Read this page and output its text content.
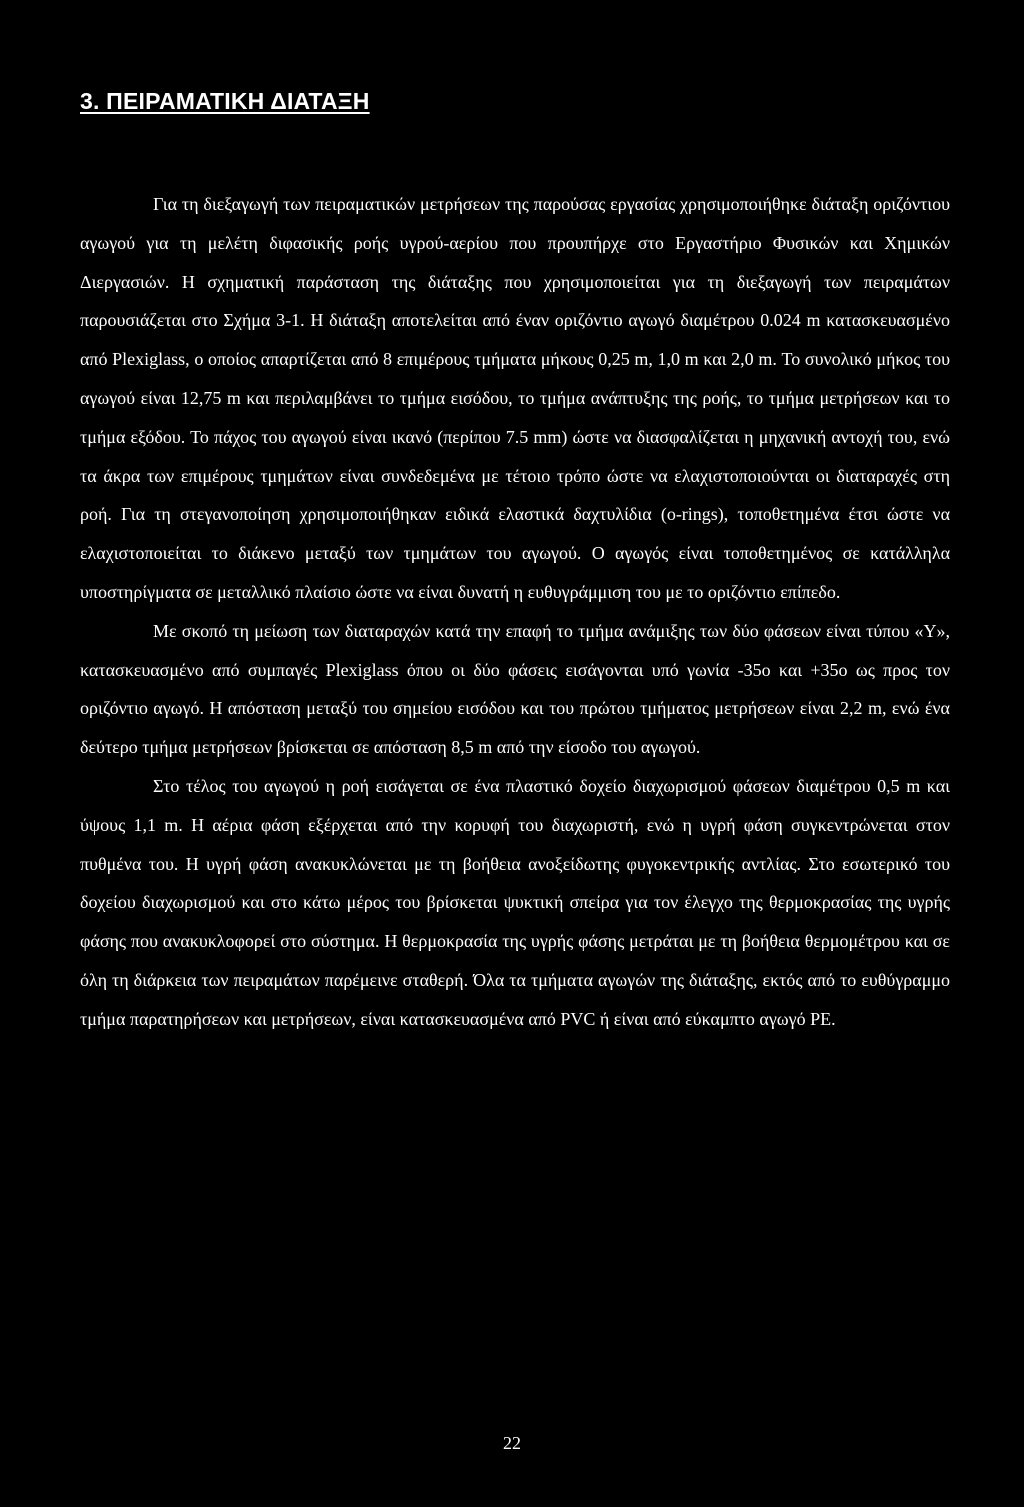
3. ΠΕΙΡΑΜΑΤΙΚΗ ΔΙΑΤΑΞΗ

Για τη διεξαγωγή των πειραματικών μετρήσεων της παρούσας εργασίας χρησιμοποιήθηκε διάταξη οριζόντιου αγωγού για τη μελέτη διφασικής ροής υγρού-αερίου που προυπήρχε στο Εργαστήριο Φυσικών και Χημικών Διεργασιών. Η σχηματική παράσταση της διάταξης που χρησιμοποιείται για τη διεξαγωγή των πειραμάτων παρουσιάζεται στο Σχήμα 3-1. Η διάταξη αποτελείται από έναν οριζόντιο αγωγό διαμέτρου 0.024 m κατασκευασμένο από Plexiglass, ο οποίος απαρτίζεται από 8 επιμέρους τμήματα μήκους 0,25 m, 1,0 m και 2,0 m. Το συνολικό μήκος του αγωγού είναι 12,75 m και περιλαμβάνει το τμήμα εισόδου, το τμήμα ανάπτυξης της ροής, το τμήμα μετρήσεων και το τμήμα εξόδου. Το πάχος του αγωγού είναι ικανό (περίπου 7.5 mm) ώστε να διασφαλίζεται η μηχανική αντοχή του, ενώ τα άκρα των επιμέρους τμημάτων είναι συνδεδεμένα με τέτοιο τρόπο ώστε να ελαχιστοποιούνται οι διαταραχές στη ροή. Για τη στεγανοποίηση χρησιμοποιήθηκαν ειδικά ελαστικά δαχτυλίδια (o-rings), τοποθετημένα έτσι ώστε να ελαχιστοποιείται το διάκενο μεταξύ των τμημάτων του αγωγού. Ο αγωγός είναι τοποθετημένος σε κατάλληλα υποστηρίγματα σε μεταλλικό πλαίσιο ώστε να είναι δυνατή η ευθυγράμμιση του με το οριζόντιο επίπεδο.

Με σκοπό τη μείωση των διαταραχών κατά την επαφή το τμήμα ανάμιξης των δύο φάσεων είναι τύπου «Y», κατασκευασμένο από συμπαγές Plexiglass όπου οι δύο φάσεις εισάγονται υπό γωνία -35o και +35o ως προς τον οριζόντιο αγωγό. Η απόσταση μεταξύ του σημείου εισόδου και του πρώτου τμήματος μετρήσεων είναι 2,2 m, ενώ ένα δεύτερο τμήμα μετρήσεων βρίσκεται σε απόσταση 8,5 m από την είσοδο του αγωγού.

Στο τέλος του αγωγού η ροή εισάγεται σε ένα πλαστικό δοχείο διαχωρισμού φάσεων διαμέτρου 0,5 m και ύψους 1,1 m. Η αέρια φάση εξέρχεται από την κορυφή του διαχωριστή, ενώ η υγρή φάση συγκεντρώνεται στον πυθμένα του. Η υγρή φάση ανακυκλώνεται με τη βοήθεια ανοξείδωτης φυγοκεντρικής αντλίας. Στο εσωτερικό του δοχείου διαχωρισμού και στο κάτω μέρος του βρίσκεται ψυκτική σπείρα για τον έλεγχο της θερμοκρασίας της υγρής φάσης που ανακυκλοφορεί στο σύστημα. Η θερμοκρασία της υγρής φάσης μετράται με τη βοήθεια θερμομέτρου και σε όλη τη διάρκεια των πειραμάτων παρέμεινε σταθερή. Όλα τα τμήματα αγωγών της διάταξης, εκτός από το ευθύγραμμο τμήμα παρατηρήσεων και μετρήσεων, είναι κατασκευασμένα από PVC ή είναι από εύκαμπτο αγωγό PE.

22
